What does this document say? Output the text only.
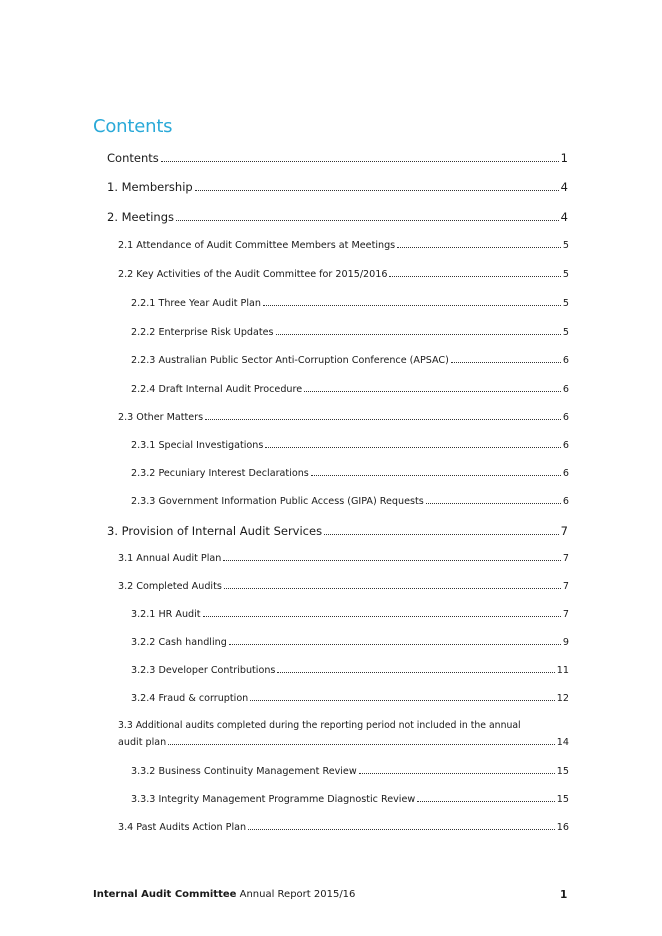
Contents
Contents	1
1. Membership	4
2. Meetings	4
2.1 Attendance of Audit Committee Members at Meetings	5
2.2 Key Activities of the Audit Committee for 2015/2016	5
2.2.1 Three Year Audit Plan	5
2.2.2 Enterprise Risk Updates	5
2.2.3 Australian Public Sector Anti-Corruption Conference (APSAC)	6
2.2.4 Draft Internal Audit Procedure	6
2.3 Other Matters	6
2.3.1 Special Investigations	6
2.3.2 Pecuniary Interest Declarations	6
2.3.3 Government Information Public Access (GIPA) Requests	6
3. Provision of Internal Audit Services	7
3.1 Annual Audit Plan	7
3.2 Completed Audits	7
3.2.1 HR Audit	7
3.2.2 Cash handling	9
3.2.3 Developer Contributions	11
3.2.4 Fraud & corruption	12
3.3 Additional audits completed during the reporting period not included in the annual
audit plan	14
3.3.2 Business Continuity Management Review	15
3.3.3 Integrity Management Programme Diagnostic Review	15
3.4 Past Audits Action Plan	16
Internal Audit Committee Annual Report 2015/16	1
